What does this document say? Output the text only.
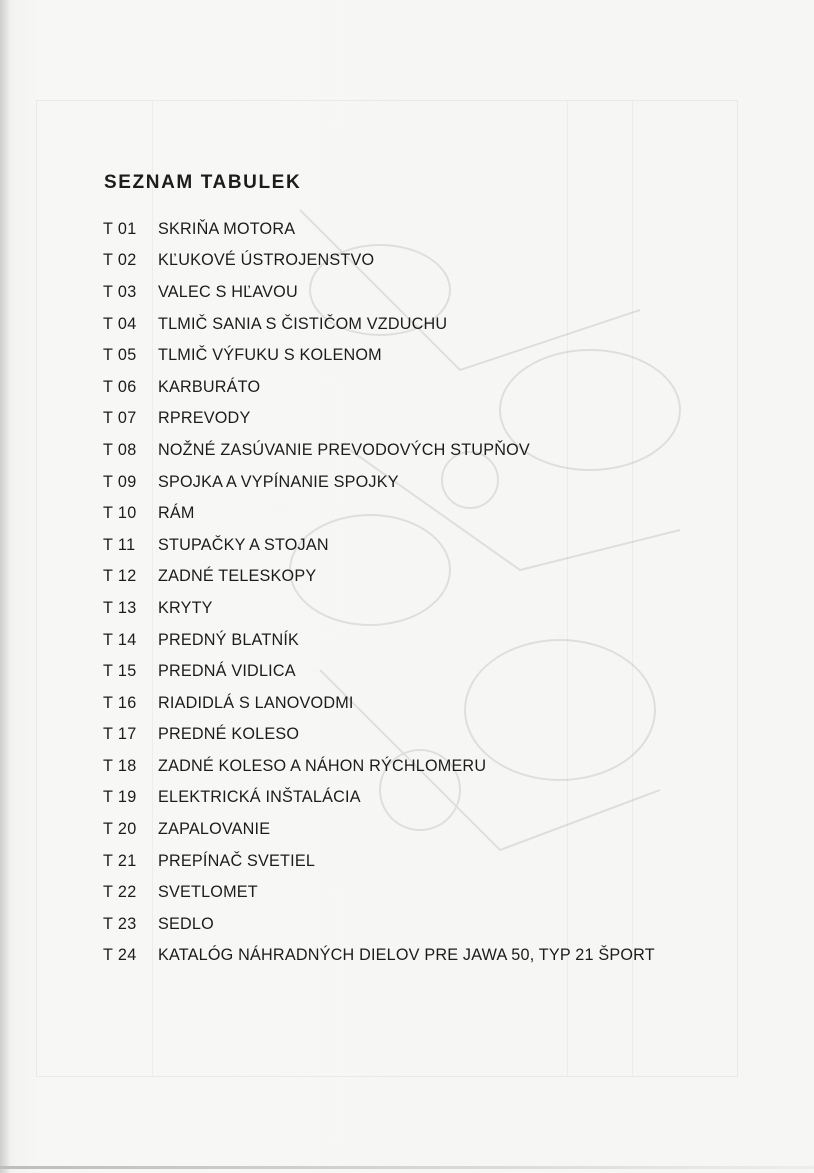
SEZNAM TABULEK
T 01	SKRIŇA MOTORA
T 02	KĽUKOVÉ ÚSTROJENSTVO
T 03	VALEC S HĽAVOU
T 04	TLMIČ SANIA S ČISTIČOM VZDUCHU
T 05	TLMIČ VÝFUKU S KOLENOM
T 06	KARBURÁTO
T 07	RPREVODY
T 08	NOŽNÉ ZASÚVANIE PREVODOVÝCH STUPŇOV
T 09	SPOJKA A VYPÍNANIE SPOJKY
T 10	RÁM
T 11	STUPAČKY A STOJAN
T 12	ZADNÉ TELESKOPY
T 13	KRYTY
T 14	PREDNÝ BLATNÍK
T 15	PREDNÁ VIDLICA
T 16	RIADIDLÁ S LANOVODMI
T 17	PREDNÉ KOLESO
T 18	ZADNÉ KOLESO A NÁHON RÝCHLOMERU
T 19	ELEKTRICKÁ INŠTALÁCIA
T 20	ZAPALOVANIE
T 21	PREPÍNAČ SVETIEL
T 22	SVETLOMET
T 23	SEDLO
T 24	KATALÓG NÁHRADNÝCH DIELOV PRE JAWA 50, TYP 21 ŠPORT
